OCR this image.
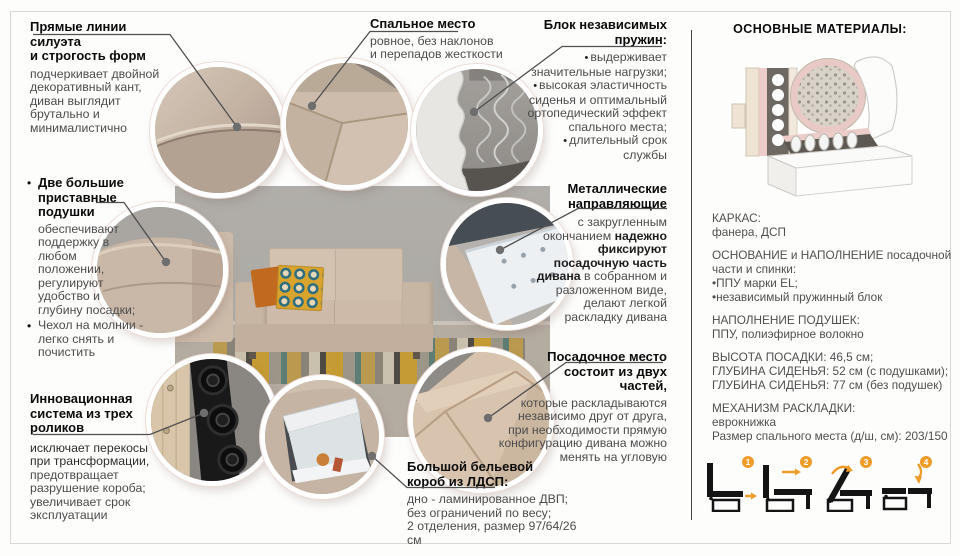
Прямые линии силуэта
и строгость форм
подчеркивает двойной декоративный кант, диван выглядит брутально и минималистично
• Две большие приставные подушки
обеспечивают поддержку в любом положении, регулируют удобство и глубину посадки;
• Чехол на молнии - легко снять и почистить
Инновационная
система из трех
роликов
исключает перекосы при трансформации,
предотвращает разрушение короба; увеличивает срок эксплуатации
Спальное место
ровное, без наклонов
и перепадов жесткости
Блок независимых
пружин:
• выдерживает значительные нагрузки;
• высокая эластичность сиденья и оптимальный ортопедический эффект спального места;
• длительный срок службы
Металлические
направляющие
с закругленным окончанием надежно фиксируют посадочную часть дивана в собранном и разложенном виде, делают легкой раскладку дивана
Посадочное место
состоит из двух
частей,
которые раскладываются независимо друг от друга, при необходимости прямую конфигурацию дивана можно менять на угловую
Большой бельевой
короб из ЛДСП:
дно - ламинированное ДВП;
без ограничений по весу;
2 отделения, размер 97/64/26 см
ОСНОВНЫЕ МАТЕРИАЛЫ:
КАРКАС:
фанера, ДСП
ОСНОВАНИЕ и НАПОЛНЕНИЕ посадочной части и спинки:
•ППУ марки EL;
•независимый пружинный блок
НАПОЛНЕНИЕ ПОДУШЕК:
ППУ, полиэфирное волокно
ВЫСОТА ПОСАДКИ: 46,5 см;
ГЛУБИНА СИДЕНЬЯ: 52 см (с подушками);
ГЛУБИНА СИДЕНЬЯ: 77 см (без подушек)
МЕХАНИЗМ РАСКЛАДКИ:
еврокнижка
Размер спального места (д/ш, см): 203/150
1	2	3	4
